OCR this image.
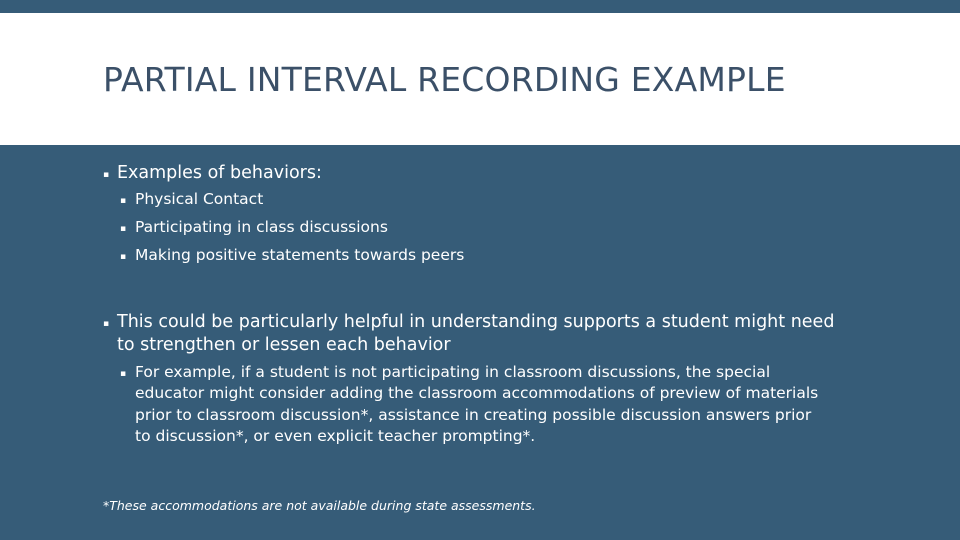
PARTIAL INTERVAL RECORDING EXAMPLE
▪ Examples of behaviors:
▪ Physical Contact
▪ Participating in class discussions
▪ Making positive statements towards peers
▪ This could be particularly helpful in understanding supports a student might need
to strengthen or lessen each behavior
▪ For example, if a student is not participating in classroom discussions, the special
educator might consider adding the classroom accommodations of preview of materials
prior to classroom discussion*, assistance in creating possible discussion answers prior
to discussion*, or even explicit teacher prompting*.
*These accommodations are not available during state assessments.
